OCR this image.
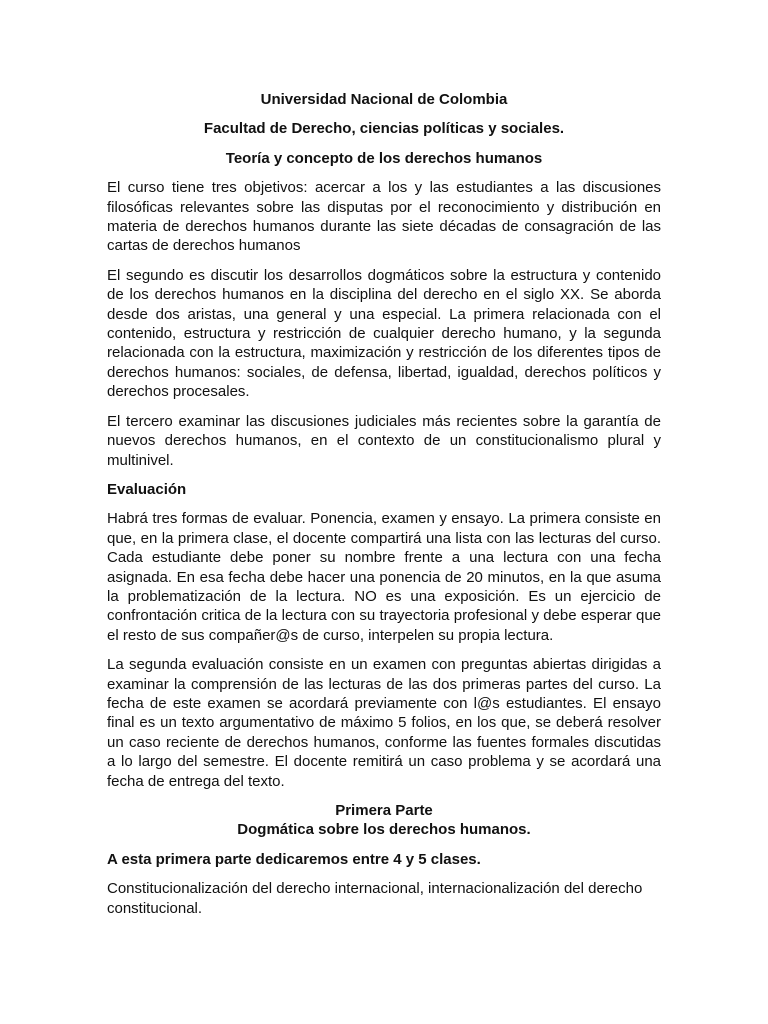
Universidad Nacional de Colombia
Facultad de Derecho, ciencias políticas y sociales.
Teoría y concepto de los derechos humanos

El curso tiene tres objetivos: acercar a los y las estudiantes a las discusiones filosóficas relevantes sobre las disputas por el reconocimiento y distribución en materia de derechos humanos durante las siete décadas de consagración de las cartas de derechos humanos

El segundo es discutir los desarrollos dogmáticos sobre la estructura y contenido de los derechos humanos en la disciplina del derecho en el siglo XX. Se aborda desde dos aristas, una general y una especial. La primera relacionada con el contenido, estructura y restricción de cualquier derecho humano, y la segunda relacionada con la estructura, maximización y restricción de los diferentes tipos de derechos humanos: sociales, de defensa, libertad, igualdad, derechos políticos y derechos procesales.

El tercero examinar las discusiones judiciales más recientes sobre la garantía de nuevos derechos humanos, en el contexto de un constitucionalismo plural y multinivel.

Evaluación

Habrá tres formas de evaluar. Ponencia, examen y ensayo. La primera consiste en que, en la primera clase, el docente compartirá una lista con las lecturas del curso. Cada estudiante debe poner su nombre frente a una lectura con una fecha asignada. En esa fecha debe hacer una ponencia de 20 minutos, en la que asuma la problematización de la lectura. NO es una exposición. Es un ejercicio de confrontación critica de la lectura con su trayectoria profesional y debe esperar que el resto de sus compañer@s de curso, interpelen su propia lectura.

La segunda evaluación consiste en un examen con preguntas abiertas dirigidas a examinar la comprensión de las lecturas de las dos primeras partes del curso. La fecha de este examen se acordará previamente con l@s estudiantes. El ensayo final es un texto argumentativo de máximo 5 folios, en los que, se deberá resolver un caso reciente de derechos humanos, conforme las fuentes formales discutidas a lo largo del semestre. El docente remitirá un caso problema y se acordará una fecha de entrega del texto.

Primera Parte
Dogmática sobre los derechos humanos.
A esta primera parte dedicaremos entre 4 y 5 clases.

Constitucionalización del derecho internacional, internacionalización del derecho constitucional.
